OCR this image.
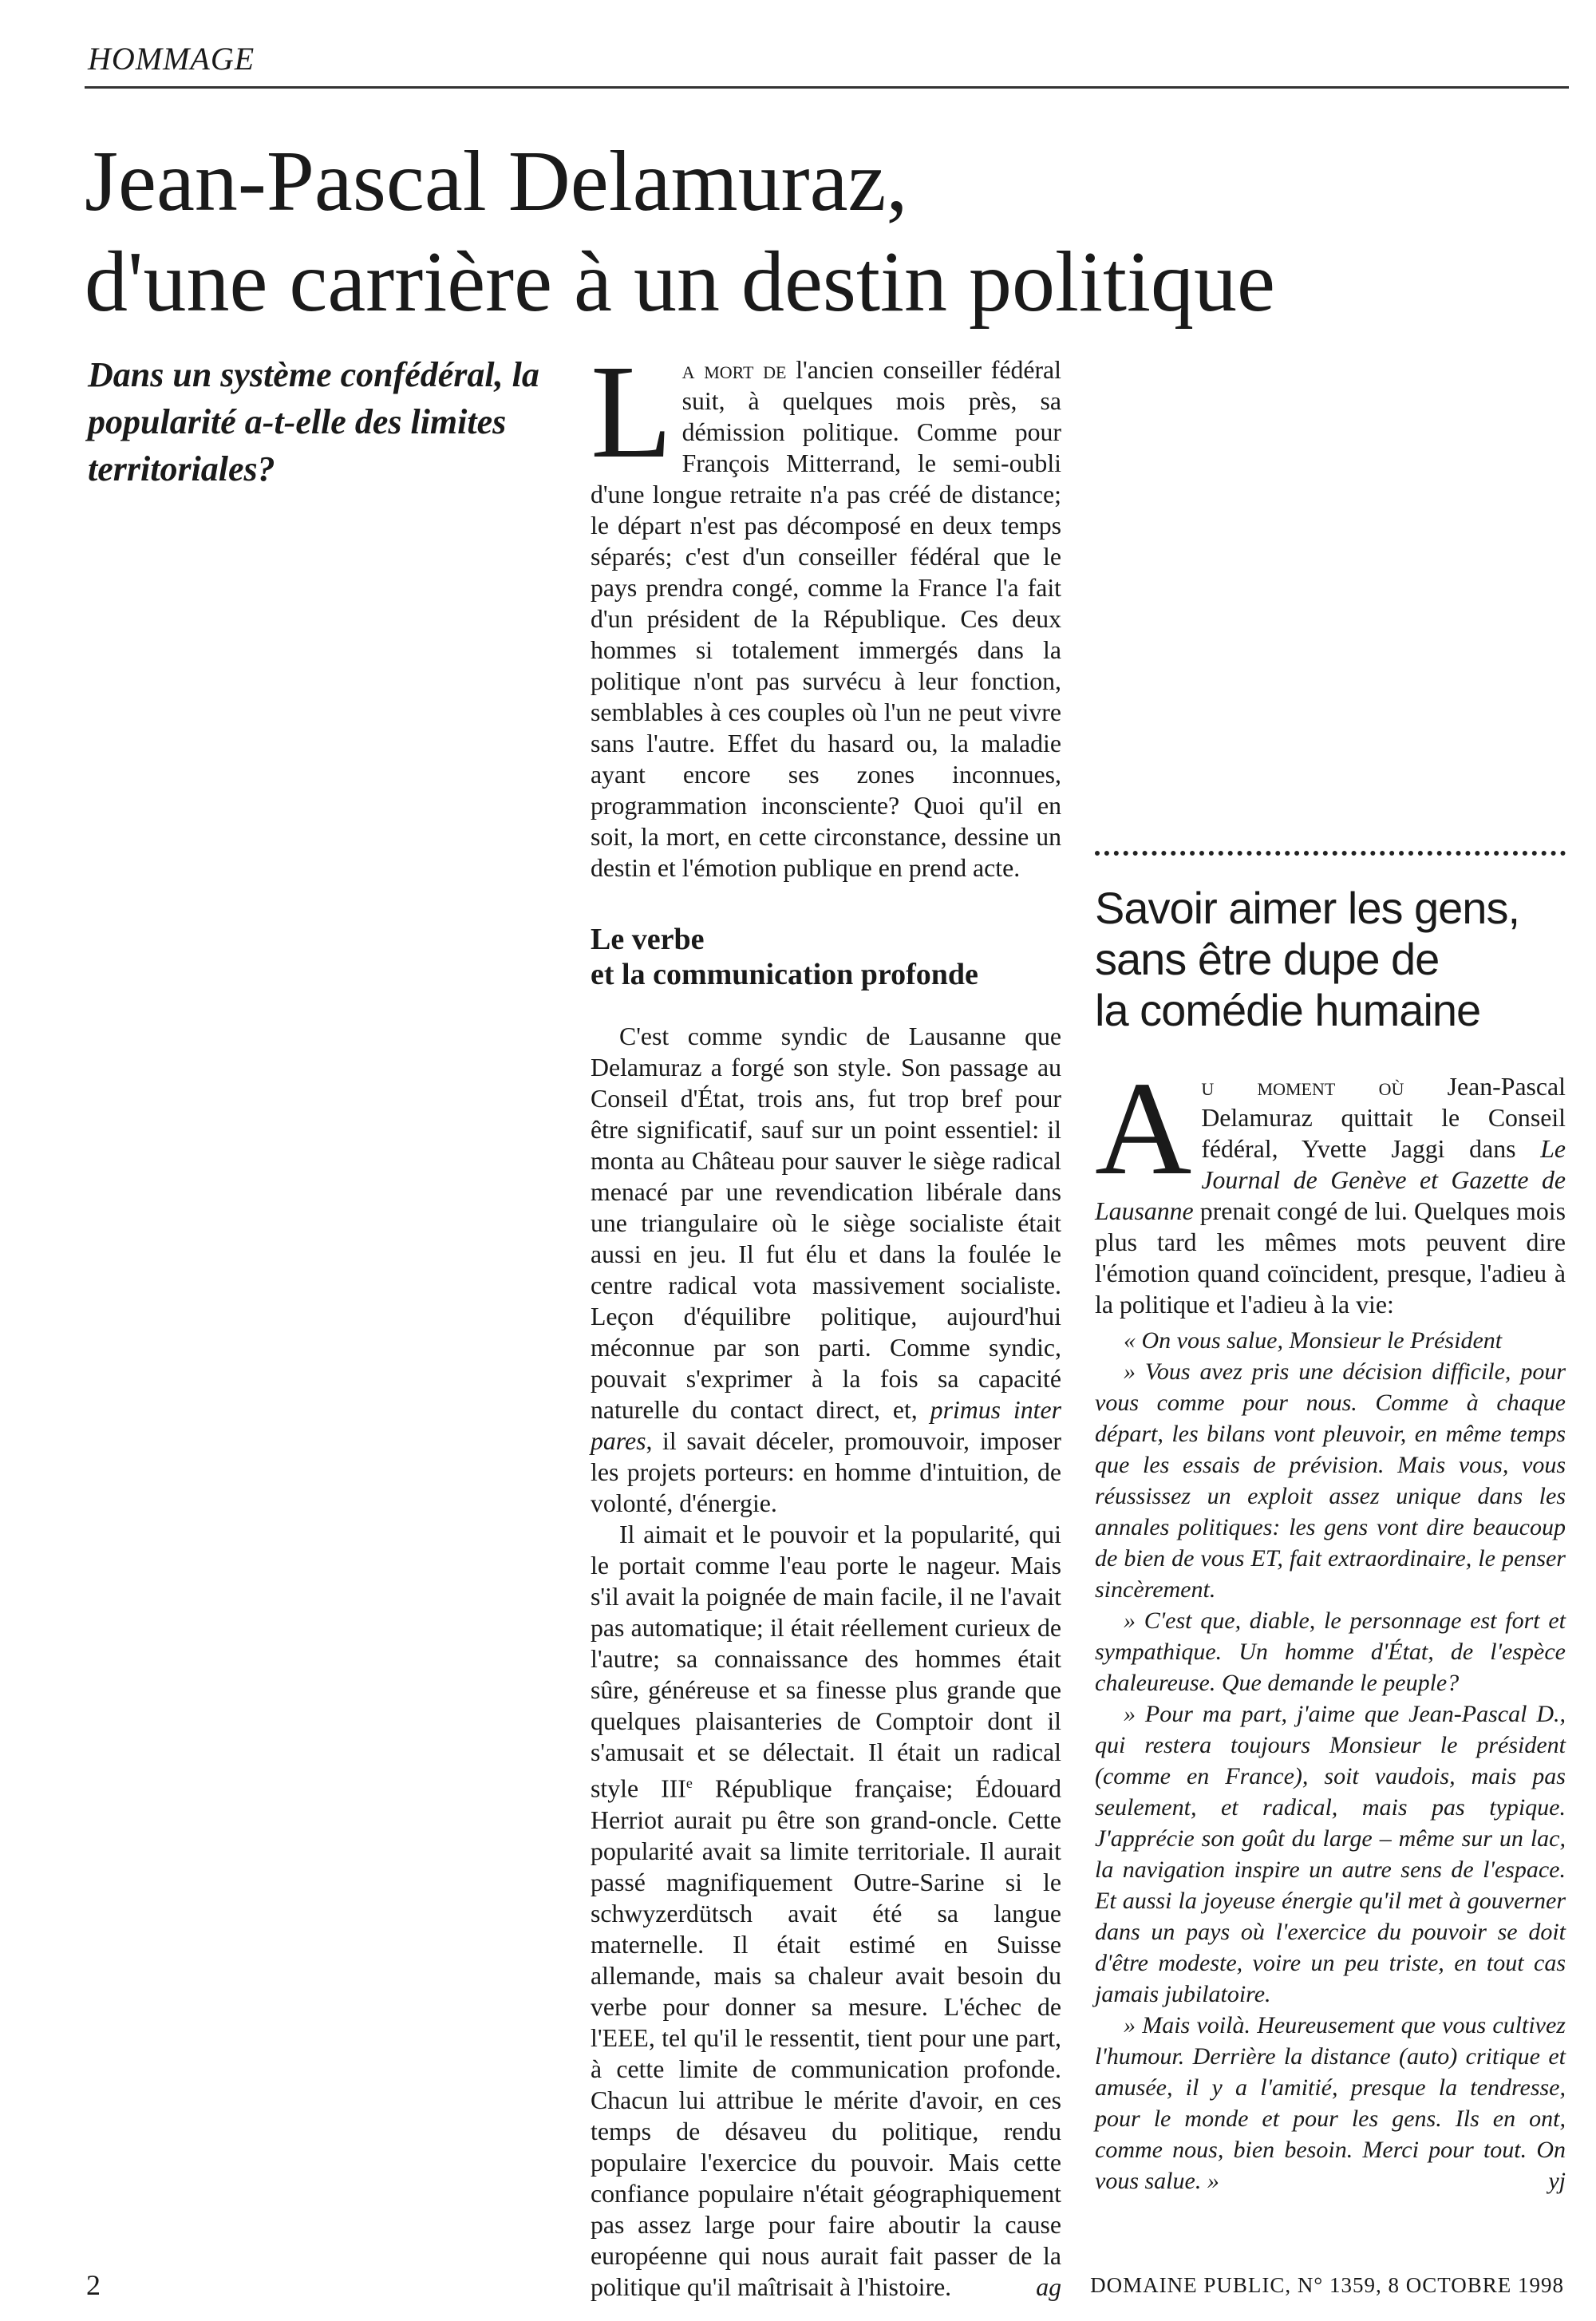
HOMMAGE
Jean-Pascal Delamuraz,
d'une carrière à un destin politique
Dans un système confédéral, la popularité a-t-elle des limites territoriales?	La mort de l'ancien conseiller fédéral suit, à quelques mois près, sa démission politique. Comme pour François Mitterrand, le semi-oubli d'une longue retraite n'a pas créé de distance; le départ n'est pas décomposé en deux temps séparés; c'est d'un conseiller fédéral que le pays prendra congé, comme la France l'a fait d'un président de la République. Ces deux hommes si totalement immergés dans la politique n'ont pas survécu à leur fonction, semblables à ces couples où l'un ne peut vivre sans l'autre. Effet du hasard ou, la maladie ayant encore ses zones inconnues, programmation inconsciente? Quoi qu'il en soit, la mort, en cette circonstance, dessine un destin et l'émotion publique en prend acte.

Le verbe
et la communication profonde

C'est comme syndic de Lausanne que Delamuraz a forgé son style. Son passage au Conseil d'État, trois ans, fut trop bref pour être significatif, sauf sur un point essentiel: il monta au Château pour sauver le siège radical menacé par une revendication libérale dans une triangulaire où le siège socialiste était aussi en jeu. Il fut élu et dans la foulée le centre radical vota massivement socialiste. Leçon d'équilibre politique, aujourd'hui méconnue par son parti. Comme syndic, pouvait s'exprimer à la fois sa capacité naturelle du contact direct, et, primus inter pares, il savait déceler, promouvoir, imposer les projets porteurs: en homme d'intuition, de volonté, d'énergie.

Il aimait et le pouvoir et la popularité, qui le portait comme l'eau porte le nageur. Mais s'il avait la poignée de main facile, il ne l'avait pas automatique; il était réellement curieux de l'autre; sa connaissance des hommes était sûre, généreuse et sa finesse plus grande que quelques plaisanteries de Comptoir dont il s'amusait et se délectait. Il était un radical style IIIe République française; Édouard Herriot aurait pu être son grand-oncle. Cette popularité avait sa limite territoriale. Il aurait passé magnifiquement Outre-Sarine si le schwyzerdütsch avait été sa langue maternelle. Il était estimé en Suisse allemande, mais sa chaleur avait besoin du verbe pour donner sa mesure. L'échec de l'EEE, tel qu'il le ressentit, tient pour une part, à cette limite de communication profonde. Chacun lui attribue le mérite d'avoir, en ces temps de désaveu du politique, rendu populaire l'exercice du pouvoir. Mais cette confiance populaire n'était géographiquement pas assez large pour faire aboutir la cause européenne qui nous aurait fait passer de la politique qu'il maîtrisait à l'histoire.	ag

Savoir aimer les gens,
sans être dupe de
la comédie humaine

Au moment où Jean-Pascal Delamuraz quittait le Conseil fédéral, Yvette Jaggi dans Le Journal de Genève et Gazette de Lausanne prenait congé de lui. Quelques mois plus tard les mêmes mots peuvent dire l'émotion quand coïncident, presque, l'adieu à la politique et l'adieu à la vie:

« On vous salue, Monsieur le Président

» Vous avez pris une décision difficile, pour vous comme pour nous. Comme à chaque départ, les bilans vont pleuvoir, en même temps que les essais de prévision. Mais vous, vous réussissez un exploit assez unique dans les annales politiques: les gens vont dire beaucoup de bien de vous ET, fait extraordinaire, le penser sincèrement.

» C'est que, diable, le personnage est fort et sympathique. Un homme d'État, de l'espèce chaleureuse. Que demande le peuple?

» Pour ma part, j'aime que Jean-Pascal D., qui restera toujours Monsieur le président (comme en France), soit vaudois, mais pas seulement, et radical, mais pas typique. J'apprécie son goût du large – même sur un lac, la navigation inspire un autre sens de l'espace. Et aussi la joyeuse énergie qu'il met à gouverner dans un pays où l'exercice du pouvoir se doit d'être modeste, voire un peu triste, en tout cas jamais jubilatoire.

» Mais voilà. Heureusement que vous cultivez l'humour. Derrière la distance (auto) critique et amusée, il y a l'amitié, presque la tendresse, pour le monde et pour les gens. Ils en ont, comme nous, bien besoin. Merci pour tout. On vous salue. »	yj

2	DOMAINE PUBLIC, N° 1359, 8 OCTOBRE 1998
